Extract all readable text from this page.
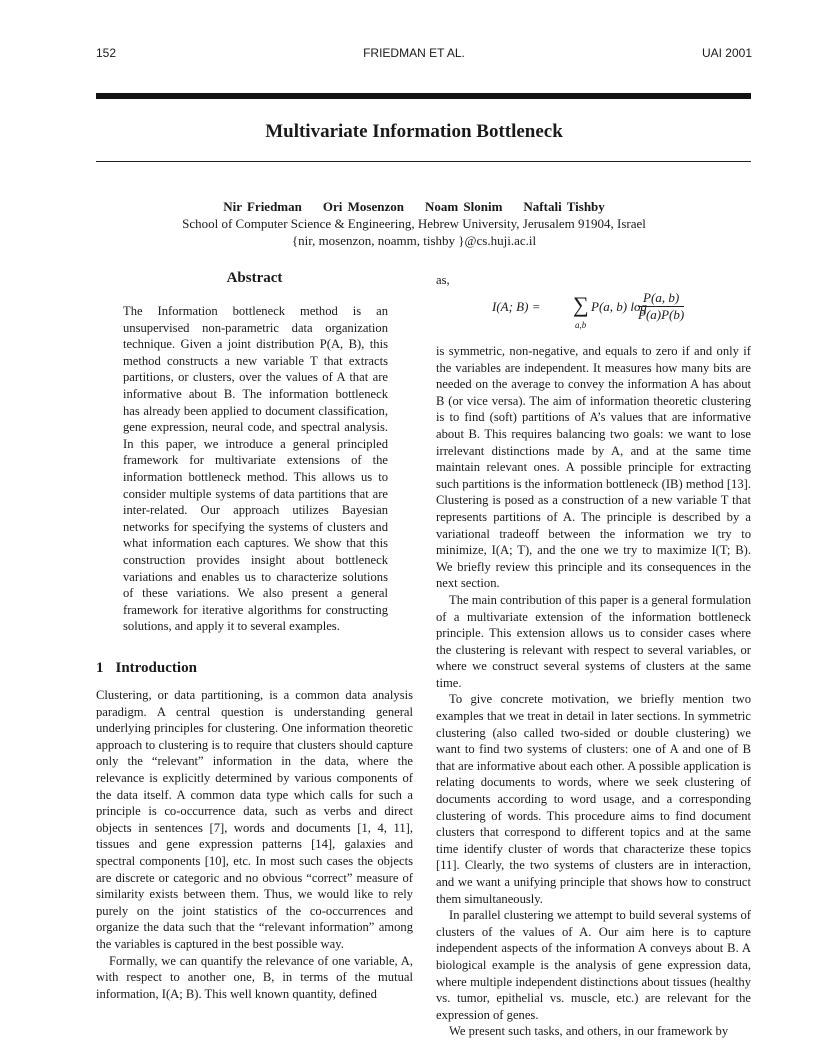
152	FRIEDMAN ET AL.	UAI 2001
Multivariate Information Bottleneck
Nir Friedman    Ori Mosenzon    Noam Slonim    Naftali Tishby
School of Computer Science & Engineering, Hebrew University, Jerusalem 91904, Israel
{nir, mosenzon, noamm, tishby }@cs.huji.ac.il
Abstract

The Information bottleneck method is an unsupervised non-parametric data organization technique. Given a joint distribution P(A, B), this method constructs a new variable T that extracts partitions, or clusters, over the values of A that are informative about B. The information bottleneck has already been applied to document classification, gene expression, neural code, and spectral analysis. In this paper, we introduce a general principled framework for multivariate extensions of the information bottleneck method. This allows us to consider multiple systems of data partitions that are inter-related. Our approach utilizes Bayesian networks for specifying the systems of clusters and what information each captures. We show that this construction provides insight about bottleneck variations and enables us to characterize solutions of these variations. We also present a general framework for iterative algorithms for constructing solutions, and apply it to several examples.

1 Introduction

Clustering, or data partitioning, is a common data analysis paradigm. A central question is understanding general underlying principles for clustering. One information theoretic approach to clustering is to require that clusters should capture only the “relevant” information in the data, where the relevance is explicitly determined by various components of the data itself. A common data type which calls for such a principle is co-occurrence data, such as verbs and direct objects in sentences [7], words and documents [1, 4, 11], tissues and gene expression patterns [14], galaxies and spectral components [10], etc. In most such cases the objects are discrete or categoric and no obvious “correct” measure of similarity exists between them. Thus, we would like to rely purely on the joint statistics of the co-occurrences and organize the data such that the “relevant information” among the variables is captured in the best possible way.

Formally, we can quantify the relevance of one variable, A, with respect to another one, B, in terms of the mutual information, I(A; B). This well known quantity, defined

as,
I(A; B) = ∑
a,b
P(a, b) log
$\frac{P(a, b)}{P(a)P(b)}$

is symmetric, non-negative, and equals to zero if and only if the variables are independent. It measures how many bits are needed on the average to convey the information A has about B (or vice versa). The aim of information theoretic clustering is to find (soft) partitions of A’s values that are informative about B. This requires balancing two goals: we want to lose irrelevant distinctions made by A, and at the same time maintain relevant ones. A possible principle for extracting such partitions is the information bottleneck (IB) method [13]. Clustering is posed as a construction of a new variable T that represents partitions of A. The principle is described by a variational tradeoff between the information we try to minimize, I(A; T), and the one we try to maximize I(T; B). We briefly review this principle and its consequences in the next section.

The main contribution of this paper is a general formulation of a multivariate extension of the information bottleneck principle. This extension allows us to consider cases where the clustering is relevant with respect to several variables, or where we construct several systems of clusters at the same time.

To give concrete motivation, we briefly mention two examples that we treat in detail in later sections. In symmetric clustering (also called two-sided or double clustering) we want to find two systems of clusters: one of A and one of B that are informative about each other. A possible application is relating documents to words, where we seek clustering of documents according to word usage, and a corresponding clustering of words. This procedure aims to find document clusters that correspond to different topics and at the same time identify cluster of words that characterize these topics [11]. Clearly, the two systems of clusters are in interaction, and we want a unifying principle that shows how to construct them simultaneously.

In parallel clustering we attempt to build several systems of clusters of the values of A. Our aim here is to capture independent aspects of the information A conveys about B. A biological example is the analysis of gene expression data, where multiple independent distinctions about tissues (healthy vs. tumor, epithelial vs. muscle, etc.) are relevant for the expression of genes.

We present such tasks, and others, in our framework by
